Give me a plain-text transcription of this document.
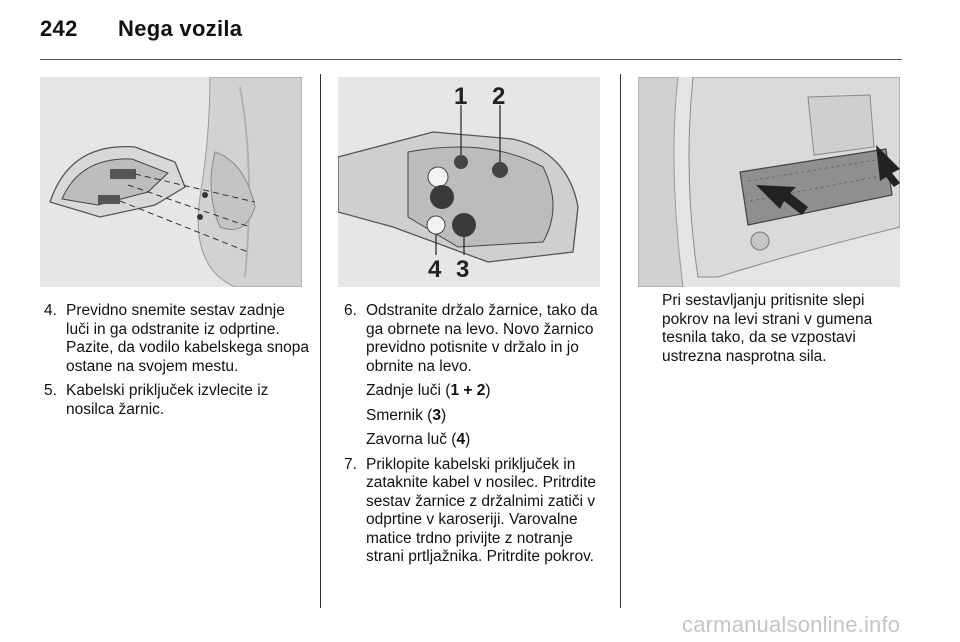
242 Nega vozila
1 2
4 3
4. Previdno snemite sestav zadnje luči in ga odstranite iz odprtine. Pazite, da vodilo kabelskega snopa ostane na svojem mestu.
5. Kabelski priključek izvlecite iz nosilca žarnic.
6. Odstranite držalo žarnice, tako da ga obrnete na levo. Novo žarnico previdno potisnite v držalo in jo obrnite na levo.
Zadnje luči (1 + 2)
Smernik (3)
Zavorna luč (4)
7. Priklopite kabelski priključek in zataknite kabel v nosilec. Pritrdite sestav žarnice z držalnimi zatiči v odprtine v karoseriji. Varovalne matice trdno privijte z notranje strani prtljažnika. Pritrdite pokrov.

Pri sestavljanju pritisnite slepi pokrov na levi strani v gumena tesnila tako, da se vzpostavi ustrezna nasprotna sila.

carmanualsonline.info
